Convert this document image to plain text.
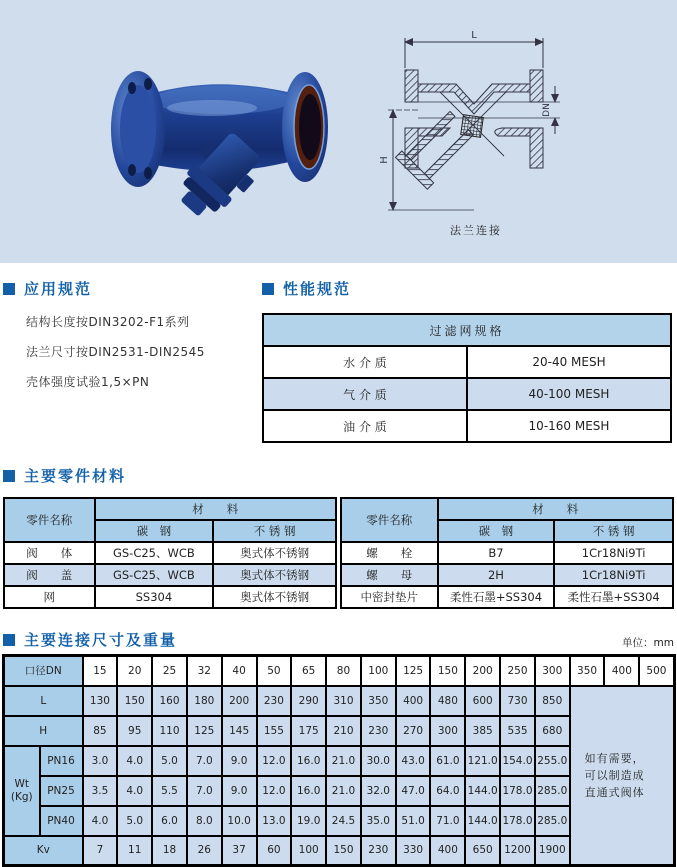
L
DN
H
法兰连接
应用规范
结构长度按DIN3202-F1系列
法兰尺寸按DIN2531-DIN2545
壳体强度试验1,5×PN
性能规范
过滤网规格	
水 介 质	20-40 MESH
气 介 质	40-100 MESH
油 介 质	10-160 MESH
主要零件材料
零件名称	材　　料	
	碳　钢	不 锈 钢
阀　　体	GS-C25、WCB	奥式体不锈钢
阀　　盖	GS-C25、WCB	奥式体不锈钢
网	SS304	奥式体不锈钢
零件名称	材　　料	
	碳　钢	不 锈 钢
螺　　栓	B7	1Cr18Ni9Ti
螺　　母	2H	1Cr18Ni9Ti
中密封垫片	柔性石墨+SS304	柔性石墨+SS304
主要连接尺寸及重量	单位：mm
口径DN		15	20	25	32	40	50	65	80	100	125	150	200	250	300	350	400	500
L		130	150	160	180	200	230	290	310	350	400	480	600	730	850	如有需要，
可以制造成
直通式阀体		
H		85	95	110	125	145	155	175	210	230	270	300	385	535	680			
Wt
(Kg)	PN16	3.0	4.0	5.0	7.0	9.0	12.0	16.0	21.0	30.0	43.0	61.0	121.0	154.0	255.0			
	PN25	3.5	4.0	5.5	7.0	9.0	12.0	16.0	21.0	32.0	47.0	64.0	144.0	178.0	285.0			
	PN40	4.0	5.0	6.0	8.0	10.0	13.0	19.0	24.5	35.0	51.0	71.0	144.0	178.0	285.0			
Kv		7	11	18	26	37	60	100	150	230	330	400	650	1200	1900			
